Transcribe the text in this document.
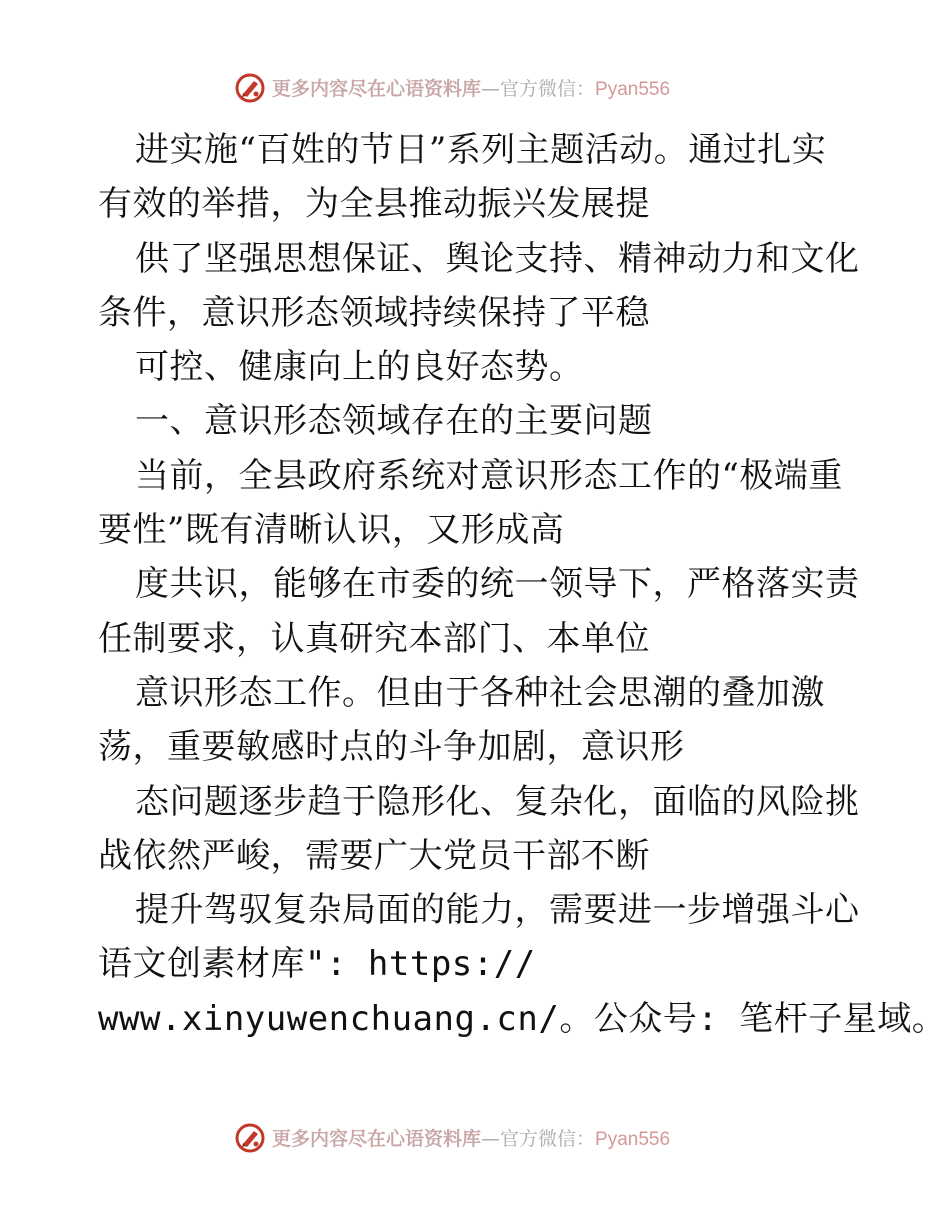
更多内容尽在心语资料库—官方微信：Pyan556
进实施“百姓的节日”系列主题活动。通过扎实
有效的举措，为全县推动振兴发展提
供了坚强思想保证、舆论支持、精神动力和文化
条件，意识形态领域持续保持了平稳
可控、健康向上的良好态势。
一、意识形态领域存在的主要问题
当前，全县政府系统对意识形态工作的“极端重
要性”既有清晰认识，又形成高
度共识，能够在市委的统一领导下，严格落实责
任制要求，认真研究本部门、本单位
意识形态工作。但由于各种社会思潮的叠加激
荡，重要敏感时点的斗争加剧，意识形
态问题逐步趋于隐形化、复杂化，面临的风险挑
战依然严峻，需要广大党员干部不断
提升驾驭复杂局面的能力，需要进一步增强斗心
语文创素材库": https://
www.xinyuwenchuang.cn/。公众号: 笔杆子星域。
更多内容尽在心语资料库—官方微信：Pyan556
